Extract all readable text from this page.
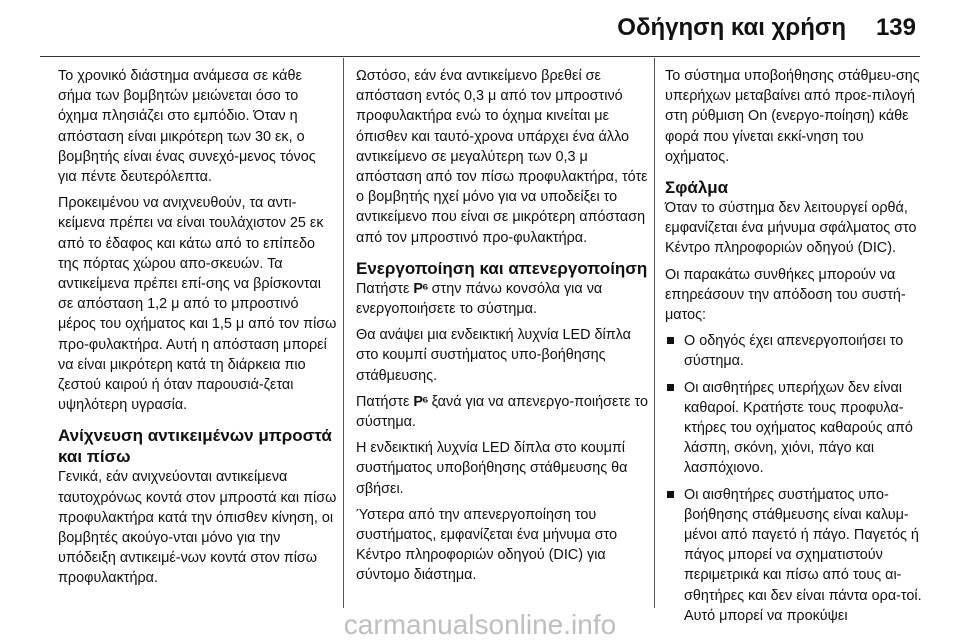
Οδήγηση και χρήση 139

Το χρονικό διάστημα ανάμεσα σε κάθε σήμα των βομβητών μειώνεται όσο το όχημα πλησιάζει στο εμπόδιο. Όταν η απόσταση είναι μικρότερη των 30 εκ, ο βομβητής είναι ένας συνεχό-μενος τόνος για πέντε δευτερόλεπτα.

Προκειμένου να ανιχνευθούν, τα αντι-κείμενα πρέπει να είναι τουλάχιστον 25 εκ από το έδαφος και κάτω από το επίπεδο της πόρτας χώρου απο-σκευών. Τα αντικείμενα πρέπει επί-σης να βρίσκονται σε απόσταση 1,2 μ από το μπροστινό μέρος του οχήματος και 1,5 μ από τον πίσω προ-φυλακτήρα. Αυτή η απόσταση μπορεί να είναι μικρότερη κατά τη διάρκεια πιο ζεστού καιρού ή όταν παρουσιά-ζεται υψηλότερη υγρασία.

Ανίχνευση αντικειμένων μπροστά και πίσω

Γενικά, εάν ανιχνεύονται αντικείμενα ταυτοχρόνως κοντά στον μπροστά και πίσω προφυλακτήρα κατά την όπισθεν κίνηση, οι βομβητές ακούγο-νται μόνο για την υπόδειξη αντικειμέ-νων κοντά στον πίσω προφυλακτήρα.

Ωστόσο, εάν ένα αντικείμενο βρεθεί σε απόσταση εντός 0,3 μ από τον μπροστινό προφυλακτήρα ενώ το όχημα κινείται με όπισθεν και ταυτό-χρονα υπάρχει ένα άλλο αντικείμενο σε μεγαλύτερη των 0,3 μ απόσταση από τον πίσω προφυλακτήρα, τότε ο βομβητής ηχεί μόνο για να υποδείξει το αντικείμενο που είναι σε μικρότερη απόσταση από τον μπροστινό προ-φυλακτήρα.

Ενεργοποίηση και απενεργοποίηση

Πατήστε P⁶ στην πάνω κονσόλα για να ενεργοποιήσετε το σύστημα.

Θα ανάψει μια ενδεικτική λυχνία LED δίπλα στο κουμπί συστήματος υπο-βοήθησης στάθμευσης.

Πατήστε P⁶ ξανά για να απενεργο-ποιήσετε το σύστημα.

Η ενδεικτική λυχνία LED δίπλα στο κουμπί συστήματος υποβοήθησης στάθμευσης θα σβήσει.

Ύστερα από την απενεργοποίηση του συστήματος, εμφανίζεται ένα μήνυμα στο Κέντρο πληροφοριών οδηγού (DIC) για σύντομο διάστημα.

Το σύστημα υποβοήθησης στάθμευ-σης υπερήχων μεταβαίνει από προε-πιλογή στη ρύθμιση On (ενεργο-ποίηση) κάθε φορά που γίνεται εκκί-νηση του οχήματος.

Σφάλμα

Όταν το σύστημα δεν λειτουργεί ορθά, εμφανίζεται ένα μήνυμα σφάλματος στο Κέντρο πληροφοριών οδηγού (DIC).

Οι παρακάτω συνθήκες μπορούν να επηρεάσουν την απόδοση του συστή-ματος:

Ο οδηγός έχει απενεργοποιήσει το σύστημα.
Οι αισθητήρες υπερήχων δεν είναι καθαροί. Κρατήστε τους προφυλα-κτήρες του οχήματος καθαρούς από λάσπη, σκόνη, χιόνι, πάγο και λασπόχιονο.
Οι αισθητήρες συστήματος υπο-βοήθησης στάθμευσης είναι καλυμ-μένοι από παγετό ή πάγο. Παγετός ή πάγος μπορεί να σχηματιστούν περιμετρικά και πίσω από τους αι-σθητήρες και δεν είναι πάντα ορα-τοί. Αυτό μπορεί να προκύψει
carmanualsonline.info
